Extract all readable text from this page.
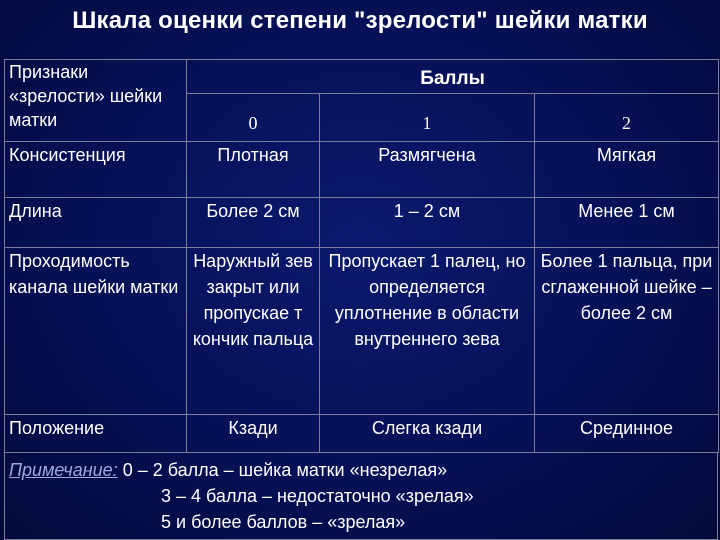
Шкала оценки степени "зрелости" шейки матки
Признаки «зрелости» шейки матки	Баллы		
	0	1	2
Консистенция	Плотная	Размягчена	Мягкая
Длина	Более 2 см	1 – 2 см	Менее 1 см
Проходимость канала шейки матки	Наружный зев закрыт или пропускае т кончик пальца	Пропускает 1 палец, но определяется уплотнение в области внутреннего зева	Более 1 пальца, при сглаженной шейке – более 2 см
Положение	Кзади	Слегка кзади	Срединное
Примечание: 0 – 2 балла – шейка матки «незрелая»
3 – 4 балла – недостаточно «зрелая»
5 и более баллов – «зрелая»
